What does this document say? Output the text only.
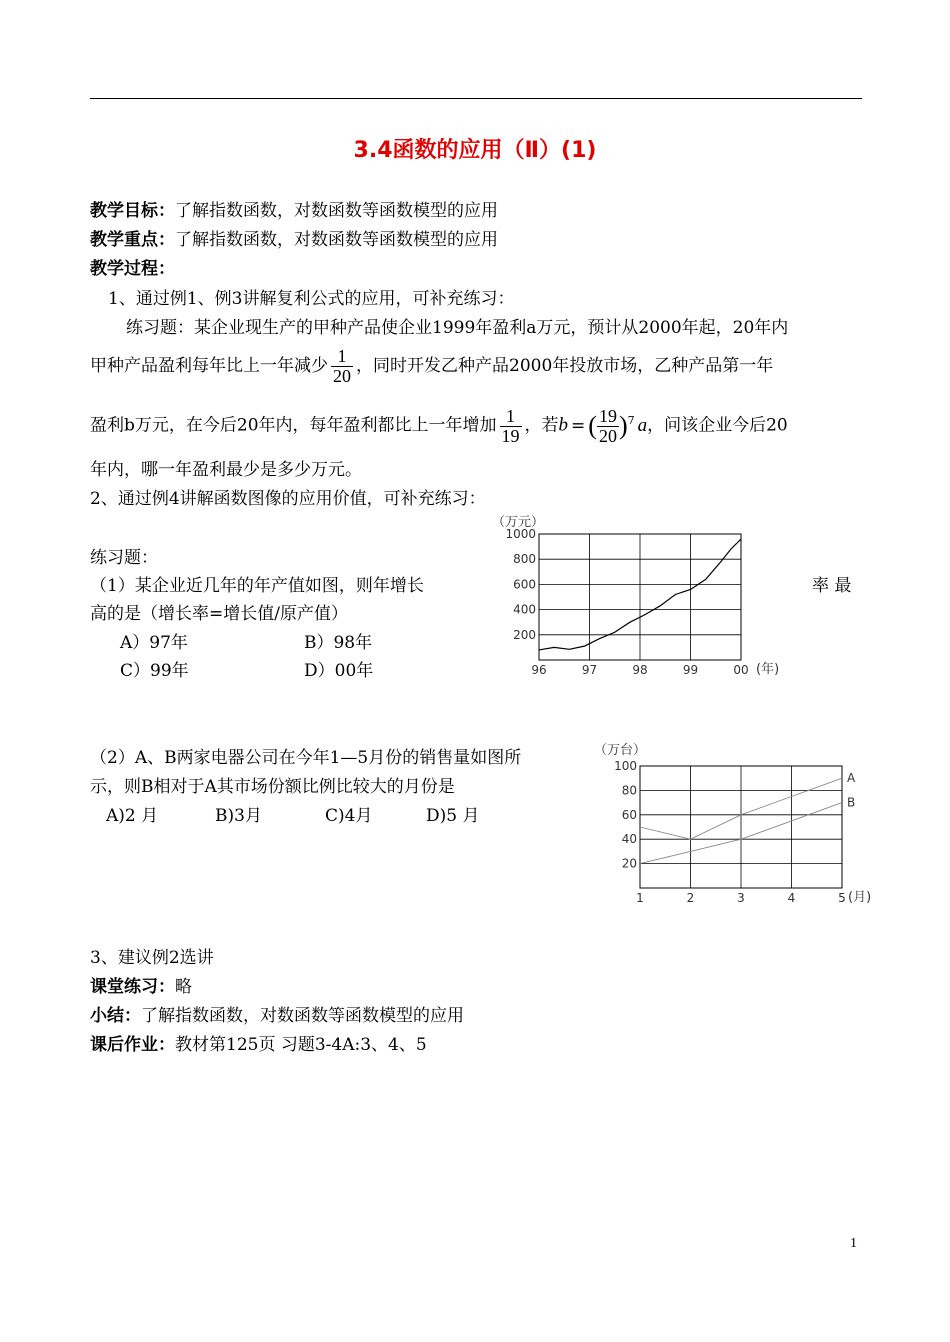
3.4函数的应用（Ⅱ）(1)
教学目标：了解指数函数，对数函数等函数模型的应用
教学重点：了解指数函数，对数函数等函数模型的应用
教学过程：
1、通过例1、例3讲解复利公式的应用，可补充练习：
练习题：某企业现生产的甲种产品使企业1999年盈利a万元，预计从2000年起，20年内
甲种产品盈利每年比上一年减少 $\frac{1}{20}$ ，同时开发乙种产品2000年投放市场，乙种产品第一年
盈利b万元，在今后20年内，每年盈利都比上一年增加 $\frac{1}{19}$ ，若b = ( $\frac{19}{20} )^7$ a，问该企业今后20
年内，哪一年盈利最少是多少万元。
2、通过例4讲解函数图像的应用价值，可补充练习：
练习题：
（1）某企业近几年的年产值如图，则年增长	率 最
高的是（增长率=增长值/原产值）
A）97年	B）98年
C）99年	D）00年
（2）A、B两家电器公司在今年1—5月份的销售量如图所
示，则B相对于A其市场份额比例比较大的月份是
A)2 月	B)3月	C)4月	D)5 月
（万元）
(年)
200
400
600
800
1000
96	97	98	99	00
（万台）
(月)
20
40
60
80
100
1	2	3	4	5
A
B
3、建议例2选讲
课堂练习：略
小结：了解指数函数，对数函数等函数模型的应用
课后作业：教材第125页 习题3-4A:3、4、5
1
